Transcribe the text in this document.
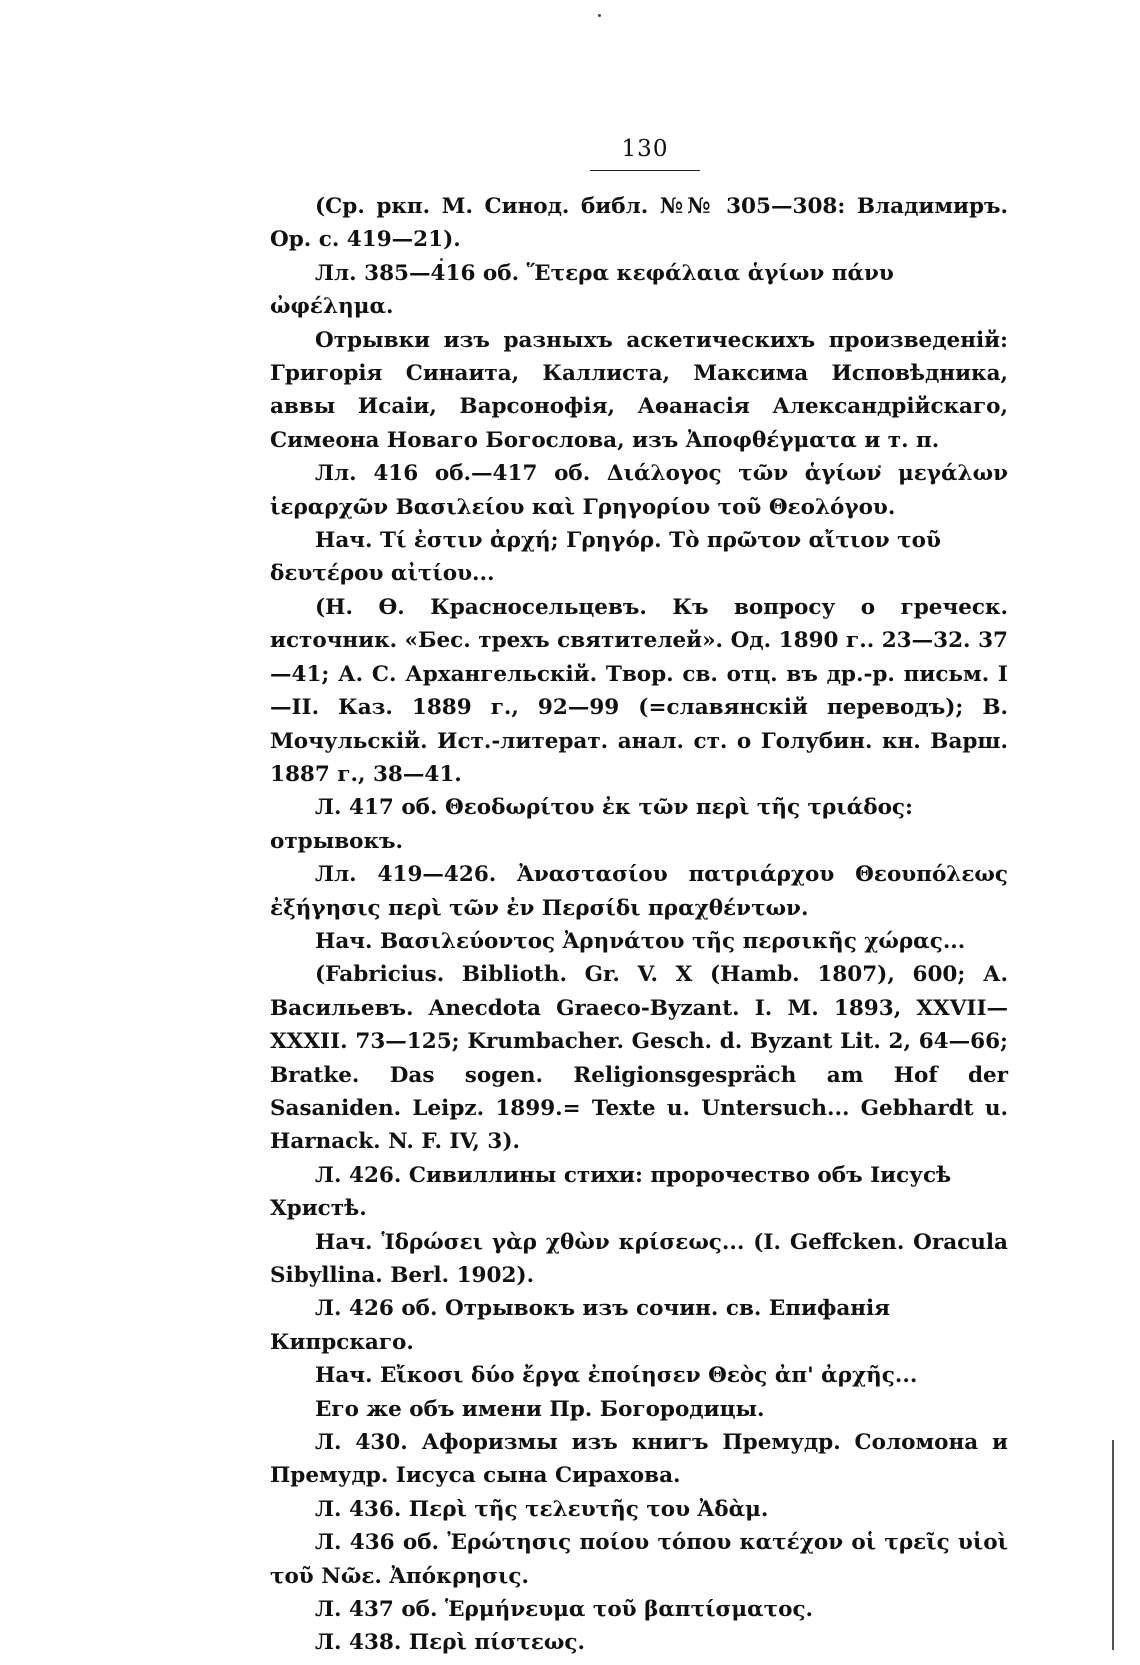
130

(Ср. ркп. М. Синод. библ. №№ 305—308: Владимиръ. Ор. с. 419—21).

Лл. 385—416 об. Ἕτερα κεφάλαια ἁγίων πάνυ ὠφέλημα.

Отрывки изъ разныхъ аскетическихъ произведеній: Григорія Синаита, Каллиста, Максима Исповѣдника, аввы Исаіи, Варсонофія, Аѳанасія Александрійскаго, Симеона Новаго Богослова, изъ Ἀποφθέγματα и т. п.

Лл. 416 об.—417 об. Διάλογος τῶν ἁγίων μεγάλων ἱεραρχῶν Βασιλείου καὶ Γρηγορίου τοῦ Θεολόγου.

Нач. Τί ἐστιν ἀρχή; Γρηγόρ. Τὸ πρῶτον αἴτιον τοῦ δευτέρου αἰτίου...

(Н. Ѳ. Красносельцевъ. Къ вопросу о греческ. источник. «Бес. трехъ святителей». Од. 1890 г.. 23—32. 37—41; А. С. Архангельскій. Твор. св. отц. въ др.-р. письм. I—II. Каз. 1889 г., 92—99 (=славянскій переводъ); В. Мочульскій. Ист.-литерат. анал. ст. о Голубин. кн. Варш. 1887 г., 38—41.

Л. 417 об. Θεοδωρίτου ἐκ τῶν περὶ τῆς τριάδος: отрывокъ.

Лл. 419—426. Ἀναστασίου πατριάρχου Θεουπόλεως ἐξήγησις περὶ τῶν ἐν Περσίδι πραχθέντων.

Нач. Βασιλεύοντος Ἀρηνάτου τῆς περσικῆς χώρας...

(Fabricius. Biblioth. Gr. V. X (Hamb. 1807), 600; А. Васильевъ. Anecdota Graeco-Byzant. I. М. 1893, XXVII—XXXII. 73—125; Krumbacher. Gesch. d. Byzant Lit. 2, 64—66; Bratke. Das sogen. Religionsgespräch am Hof der Sasaniden. Leipz. 1899.= Texte u. Untersuch... Gebhardt u. Harnack. N. F. IV, 3).

Л. 426. Сивиллины стихи: пророчество объ Іисусѣ Христѣ.

Нач. Ἱδρώσει γὰρ χθὼν κρίσεως... (I. Geffcken. Oracula Sibyllina. Berl. 1902).

Л. 426 об. Отрывокъ изъ сочин. св. Епифанія Кипрскаго.

Нач. Εἴκοσι δύο ἔργα ἐποίησεν Θεὸς ἀπ' ἀρχῆς...

Его же объ имени Пр. Богородицы.

Л. 430. Афоризмы изъ книгъ Премудр. Соломона и Премудр. Іисуса сына Сирахова.

Л. 436. Περὶ τῆς τελευτῆς του Ἀδὰμ.

Л. 436 об. Ἐρώτησις ποίου τόπου κατέχον οἱ τρεῖς υἱοὶ τοῦ Νῶε. Ἀπόκρησις.

Л. 437 об. Ἑρμήνευμα τοῦ βαπτίσματος.

Л. 438. Περὶ πίστεως.
